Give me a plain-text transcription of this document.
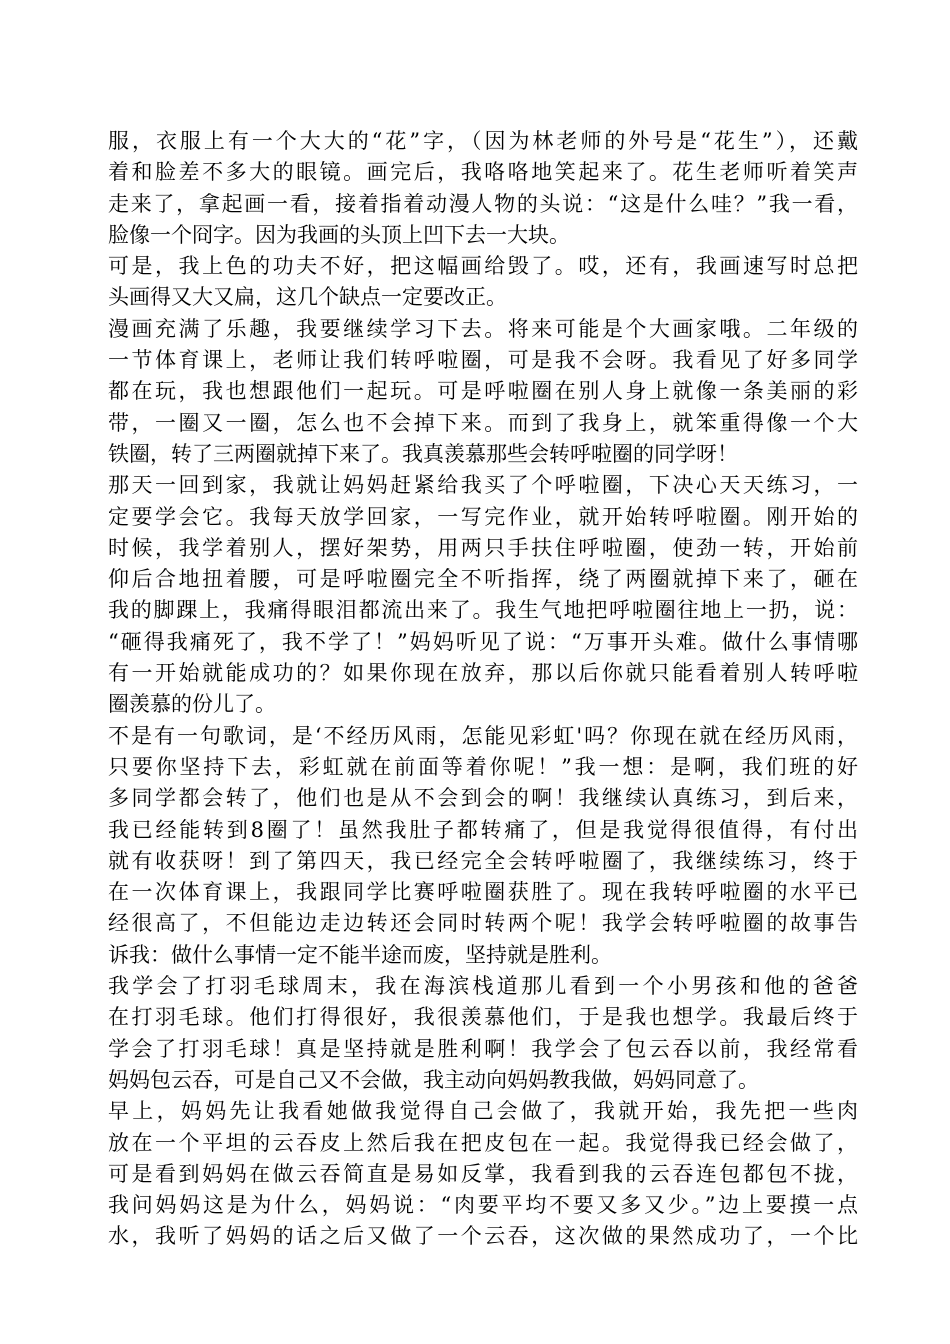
服，衣服上有一个大大的“花”字，（因为林老师的外号是“花生”），还戴
着和脸差不多大的眼镜。画完后，我咯咯地笑起来了。花生老师听着笑声
走来了，拿起画一看，接着指着动漫人物的头说：“这是什么哇？”我一看，
脸像一个冏字。因为我画的头顶上凹下去一大块。
可是，我上色的功夫不好，把这幅画给毁了。哎，还有，我画速写时总把
头画得又大又扁，这几个缺点一定要改正。
漫画充满了乐趣，我要继续学习下去。将来可能是个大画家哦。二年级的
一节体育课上，老师让我们转呼啦圈，可是我不会呀。我看见了好多同学
都在玩，我也想跟他们一起玩。可是呼啦圈在别人身上就像一条美丽的彩
带，一圈又一圈，怎么也不会掉下来。而到了我身上，就笨重得像一个大
铁圈，转了三两圈就掉下来了。我真羡慕那些会转呼啦圈的同学呀！
那天一回到家，我就让妈妈赶紧给我买了个呼啦圈，下决心天天练习，一
定要学会它。我每天放学回家，一写完作业，就开始转呼啦圈。刚开始的
时候，我学着别人，摆好架势，用两只手扶住呼啦圈，使劲一转，开始前
仰后合地扭着腰，可是呼啦圈完全不听指挥，绕了两圈就掉下来了，砸在
我的脚踝上，我痛得眼泪都流出来了。我生气地把呼啦圈往地上一扔，说：
“砸得我痛死了，我不学了！”妈妈听见了说：“万事开头难。做什么事情哪
有一开始就能成功的？如果你现在放弃，那以后你就只能看着别人转呼啦
圈羡慕的份儿了。
不是有一句歌词，是‘不经历风雨，怎能见彩虹'吗？你现在就在经历风雨，
只要你坚持下去，彩虹就在前面等着你呢！”我一想：是啊，我们班的好
多同学都会转了，他们也是从不会到会的啊！我继续认真练习，到后来，
我已经能转到8圈了！虽然我肚子都转痛了，但是我觉得很值得，有付出
就有收获呀！到了第四天，我已经完全会转呼啦圈了，我继续练习，终于
在一次体育课上，我跟同学比赛呼啦圈获胜了。现在我转呼啦圈的水平已
经很高了，不但能边走边转还会同时转两个呢！我学会转呼啦圈的故事告
诉我：做什么事情一定不能半途而废，坚持就是胜利。
我学会了打羽毛球周末，我在海滨栈道那儿看到一个小男孩和他的爸爸
在打羽毛球。他们打得很好，我很羡慕他们，于是我也想学。我最后终于
学会了打羽毛球！真是坚持就是胜利啊！我学会了包云吞以前，我经常看
妈妈包云吞，可是自己又不会做，我主动向妈妈教我做，妈妈同意了。
早上，妈妈先让我看她做我觉得自己会做了，我就开始，我先把一些肉
放在一个平坦的云吞皮上然后我在把皮包在一起。我觉得我已经会做了，
可是看到妈妈在做云吞简直是易如反掌，我看到我的云吞连包都包不拢，
我问妈妈这是为什么，妈妈说：“肉要平均不要又多又少。”边上要摸一点
水，我听了妈妈的话之后又做了一个云吞，这次做的果然成功了，一个比
